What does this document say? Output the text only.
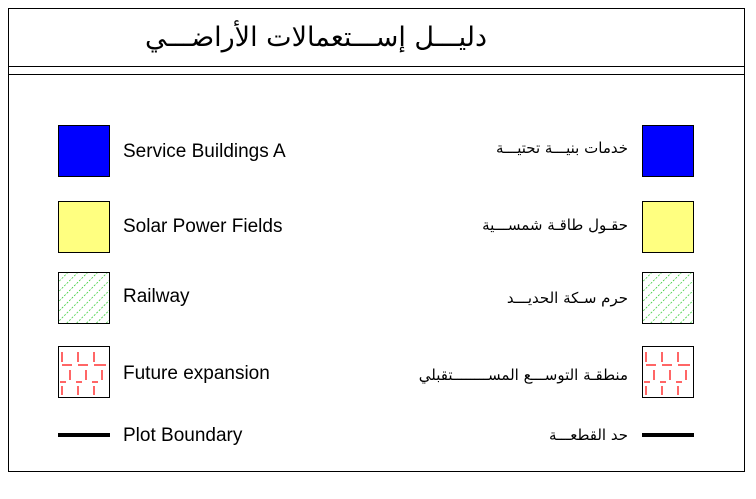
دليـــل إســـتعمالات الأراضـــي
Service Buildings A	خدمات بنيـــة تحتيـــة
Solar Power Fields	حقـول طاقـة شمســـية
Railway	حرم سـكة الحديـــد
Future expansion	منطقـة التوســـع المســــــــتقبلي
Plot Boundary	حد القطعـــة
